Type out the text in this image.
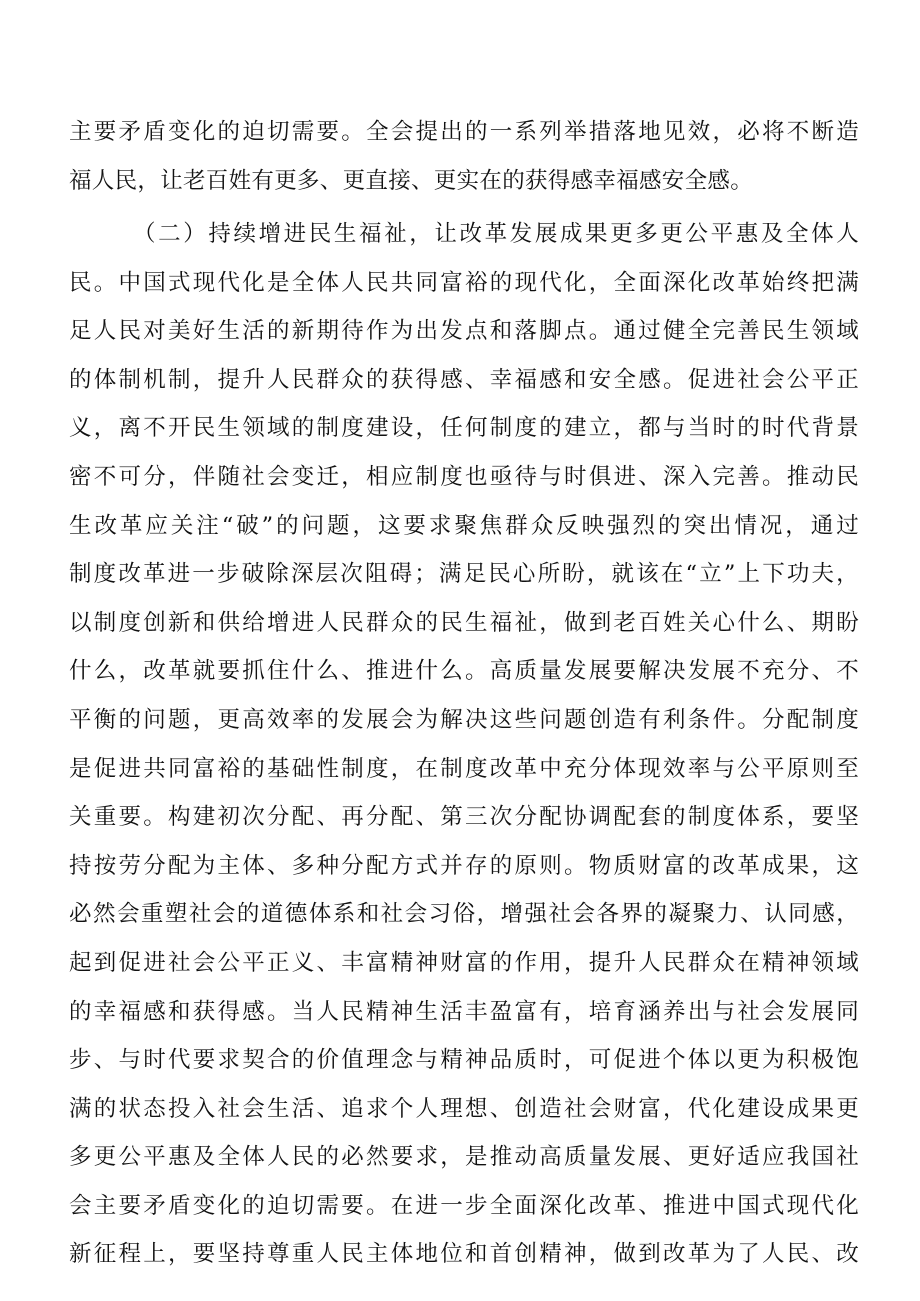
主要矛盾变化的迫切需要。全会提出的一系列举措落地见效，必将不断造
福人民，让老百姓有更多、更直接、更实在的获得感幸福感安全感。
（二）持续增进民生福祉，让改革发展成果更多更公平惠及全体人
民。中国式现代化是全体人民共同富裕的现代化，全面深化改革始终把满
足人民对美好生活的新期待作为出发点和落脚点。通过健全完善民生领域
的体制机制，提升人民群众的获得感、幸福感和安全感。促进社会公平正
义，离不开民生领域的制度建设，任何制度的建立，都与当时的时代背景
密不可分，伴随社会变迁，相应制度也亟待与时俱进、深入完善。推动民
生改革应关注“破”的问题，这要求聚焦群众反映强烈的突出情况，通过
制度改革进一步破除深层次阻碍；满足民心所盼，就该在“立”上下功夫，
以制度创新和供给增进人民群众的民生福祉，做到老百姓关心什么、期盼
什么，改革就要抓住什么、推进什么。高质量发展要解决发展不充分、不
平衡的问题，更高效率的发展会为解决这些问题创造有利条件。分配制度
是促进共同富裕的基础性制度，在制度改革中充分体现效率与公平原则至
关重要。构建初次分配、再分配、第三次分配协调配套的制度体系，要坚
持按劳分配为主体、多种分配方式并存的原则。物质财富的改革成果，这
必然会重塑社会的道德体系和社会习俗，增强社会各界的凝聚力、认同感，
起到促进社会公平正义、丰富精神财富的作用，提升人民群众在精神领域
的幸福感和获得感。当人民精神生活丰盈富有，培育涵养出与社会发展同
步、与时代要求契合的价值理念与精神品质时，可促进个体以更为积极饱
满的状态投入社会生活、追求个人理想、创造社会财富，代化建设成果更
多更公平惠及全体人民的必然要求，是推动高质量发展、更好适应我国社
会主要矛盾变化的迫切需要。在进一步全面深化改革、推进中国式现代化
新征程上，要坚持尊重人民主体地位和首创精神，做到改革为了人民、改
